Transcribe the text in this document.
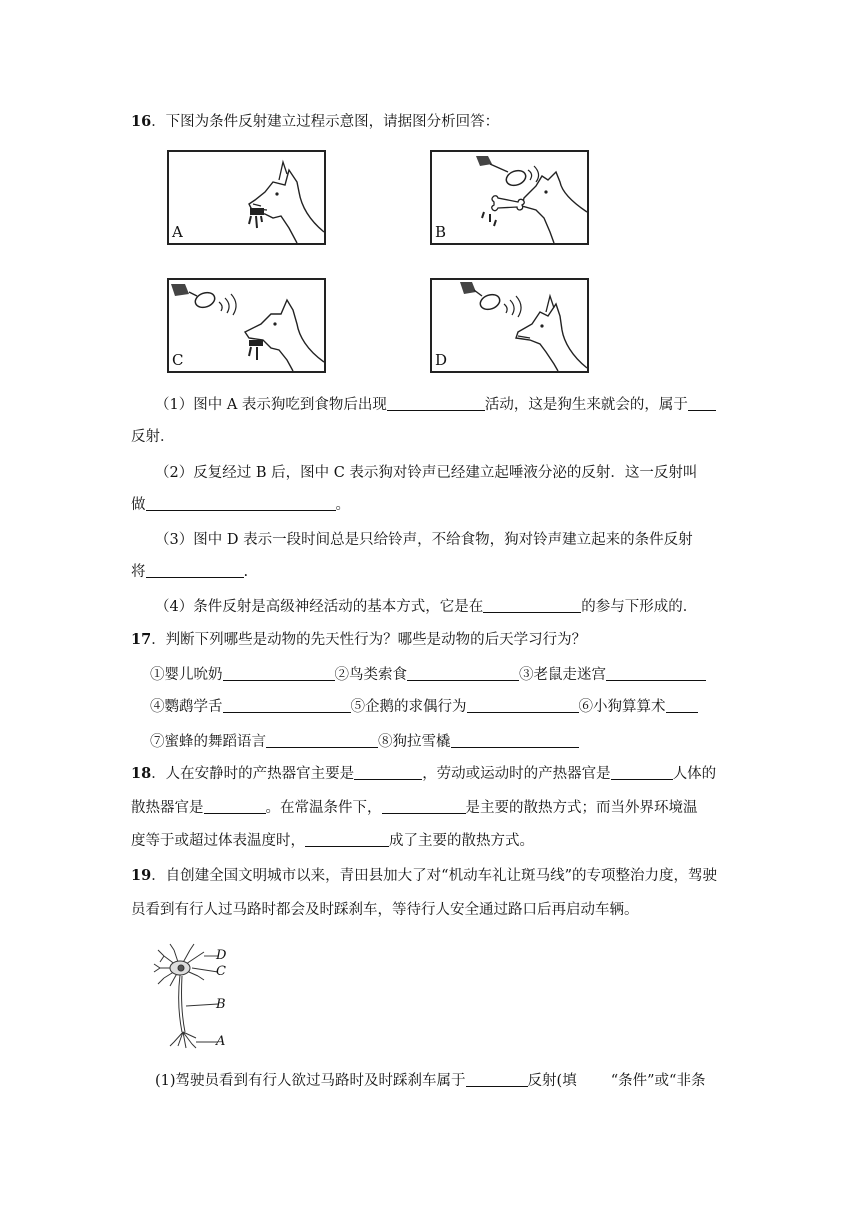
16．下图为条件反射建立过程示意图，请据图分析回答：
A	B
C	D
（1）图中 A 表示狗吃到食物后出现	活动，这是狗生来就会的，属于
反射．
（2）反复经过 B 后，图中 C 表示狗对铃声已经建立起唾液分泌的反射．这一反射叫
做	。
（3）图中 D 表示一段时间总是只给铃声，不给食物，狗对铃声建立起来的条件反射
将	.
（4）条件反射是高级神经活动的基本方式，它是在	的参与下形成的．
17．判断下列哪些是动物的先天性行为？哪些是动物的后天学习行为？
①婴儿吮奶	②鸟类索食	③老鼠走迷宫
④鹦鹉学舌	⑤企鹅的求偶行为	⑥小狗算算术
⑦蜜蜂的舞蹈语言	⑧狗拉雪橇
18．人在安静时的产热器官主要是	，劳动或运动时的产热器官是	人体的
散热器官是	。在常温条件下，	是主要的散热方式；而当外界环境温
度等于或超过体表温度时，	成了主要的散热方式。
19．自创建全国文明城市以来，青田县加大了对“机动车礼让斑马线”的专项整治力度，驾驶
员看到有行人过马路时都会及时踩刹车，等待行人安全通过路口后再启动车辆。
D
C
B
A
(1)驾驶员看到有行人欲过马路时及时踩刹车属于	反射(填 “条件”或“非条
